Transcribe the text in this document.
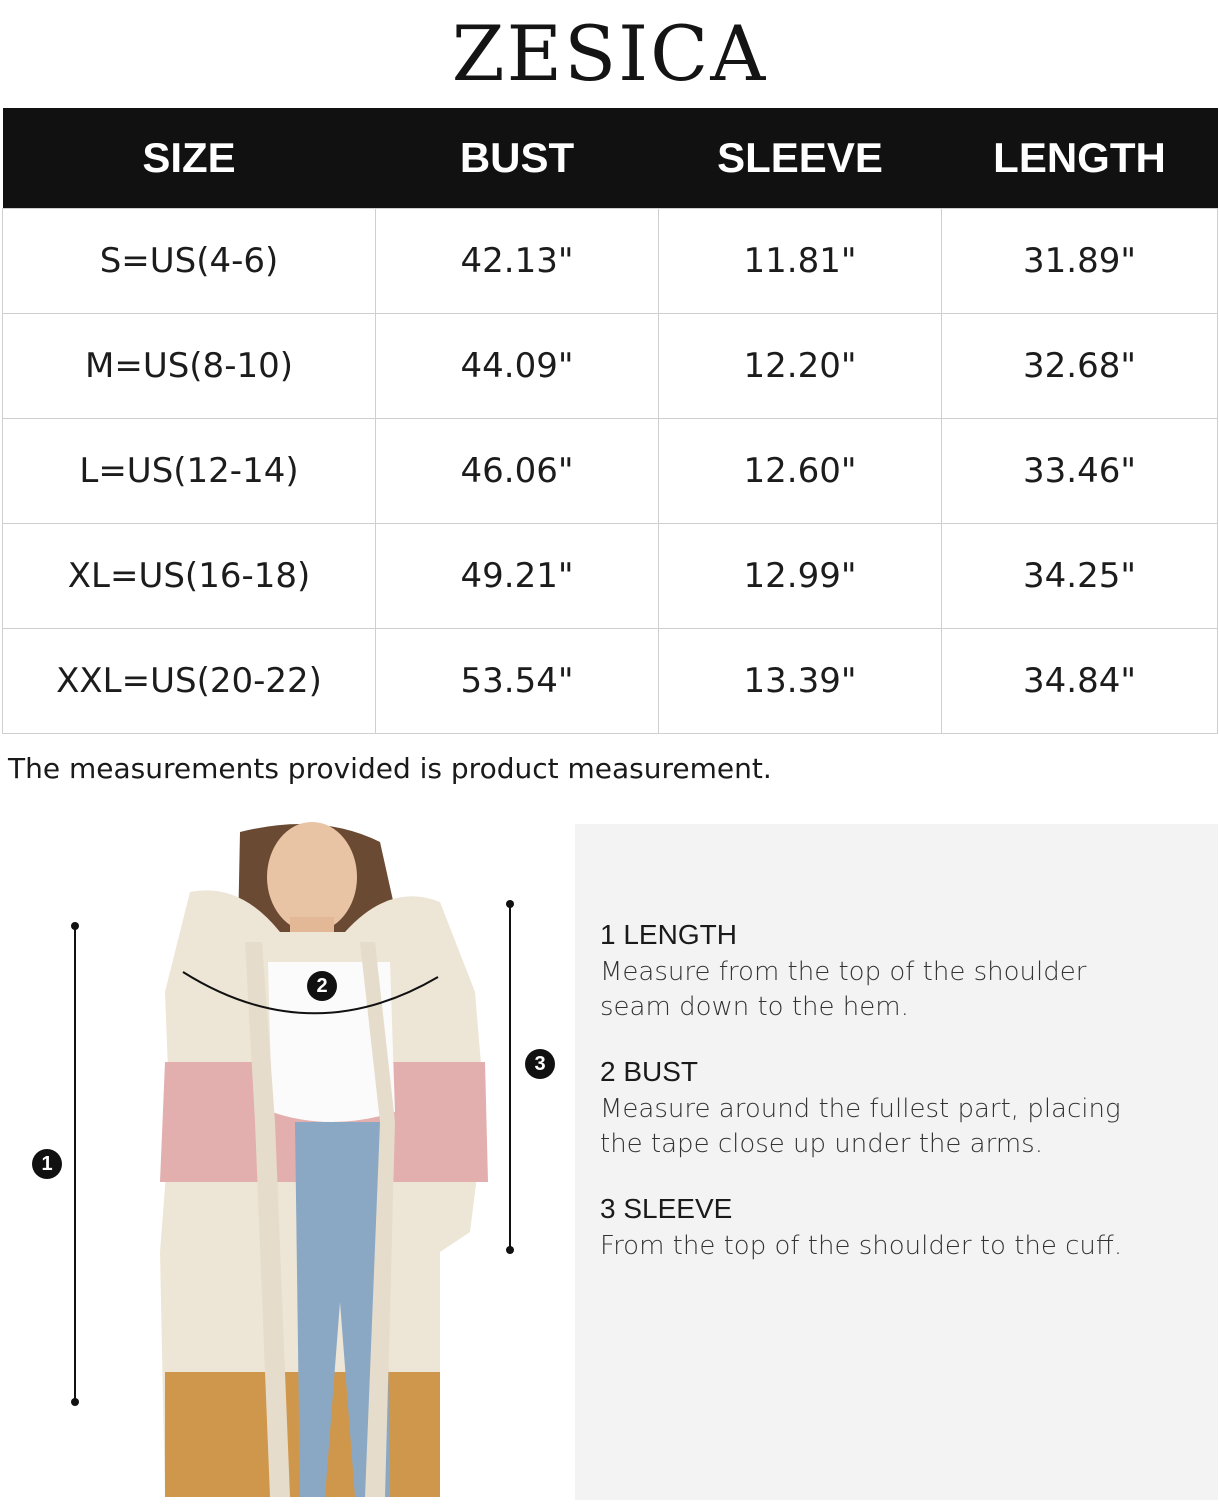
ZESICA
SIZE	BUST	SLEEVE	LENGTH
S=US(4-6)	42.13"	11.81"	31.89"
M=US(8-10)	44.09"	12.20"	32.68"
L=US(12-14)	46.06"	12.60"	33.46"
XL=US(16-18)	49.21"	12.99"	34.25"
XXL=US(20-22)	53.54"	13.39"	34.84"
The measurements provided is product measurement.
1
2
3

1 LENGTH

Measure from the top of the shoulder

seam down to the hem.

2 BUST

Measure around the fullest part, placing

the tape close up under the arms.

3 SLEEVE

From the top of the shoulder to the cuff.
